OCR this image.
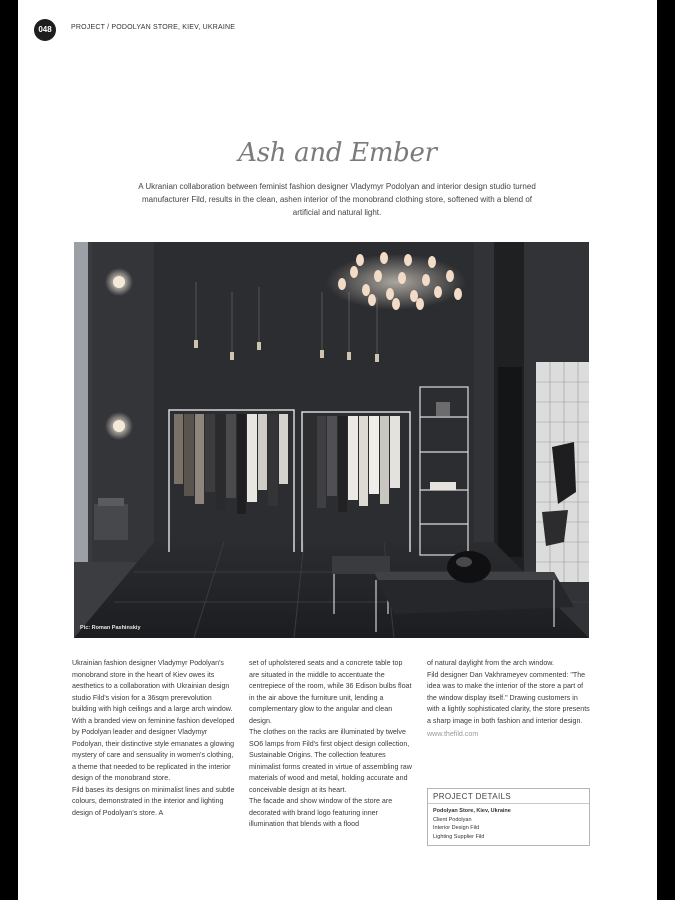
048	PROJECT / PODOLYAN STORE, KIEV, UKRAINE
Ash and Ember
A Ukranian collaboration between feminist fashion designer Vladymyr Podolyan and interior design studio turned manufacturer Fild, results in the clean, ashen interior of the monobrand clothing store, softened with a blend of artificial and natural light.
Pic: Roman Pashinskiy

Ukrainian fashion designer Vladymyr Podolyan's monobrand store in the heart of Kiev owes its aesthetics to a collaboration with Ukrainian design studio Fild's vision for a 36sqm prerevolution building with high ceilings and a large arch window.

With a branded view on feminine fashion developed by Podolyan leader and designer Vladymyr Podolyan, their distinctive style emanates a glowing mystery of care and sensuality in women's clothing, a theme that needed to be replicated in the interior design of the monobrand store.

Fild bases its designs on minimalist lines and subtle colours, demonstrated in the interior and lighting design of Podolyan's store. A

set of upholstered seats and a concrete table top are situated in the middle to accentuate the centrepiece of the room, while 36 Edison bulbs float in the air above the furniture unit, lending a complementary glow to the angular and clean design.

The clothes on the racks are illuminated by twelve SO6 lamps from Fild's first object design collection, Sustainable Origins. The collection features minimalist forms created in virtue of assembling raw materials of wood and metal, holding accurate and conceivable design at its heart.

The facade and show window of the store are decorated with brand logo featuring inner illumination that blends with a flood

of natural daylight from the arch window.

Fild designer Dan Vakhrameyev commented: "The idea was to make the interior of the store a part of the window display itself." Drawing customers in with a lightly sophisticated clarity, the store presents a sharp image in both fashion and interior design.

www.thefild.com

PROJECT DETAILS
Podolyan Store, Kiev, Ukraine
Client Podolyan
Interior Design Fild
Lighting Supplier Fild
